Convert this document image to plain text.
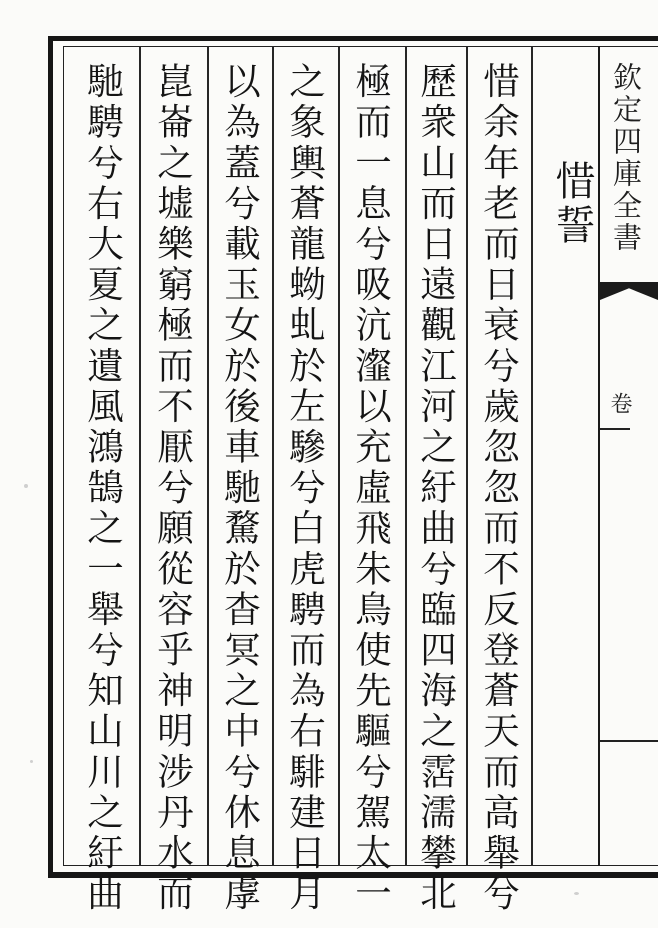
欽定四庫全書
卷
惜誓
惜余年老而日衰兮歲忽忽而不反登蒼天而高舉兮
歷衆山而日遠觀江河之紆曲兮臨四海之霑濡攀北
極而一息兮吸沆瀣以充虛飛朱鳥使先驅兮駕太一
之象輿蒼龍蚴虬於左驂兮白虎騁而為右騑建日月
以為蓋兮載玉女於後車馳騖於杳冥之中兮休息虖
崑崙之墟樂窮極而不厭兮願從容乎神明涉丹水而
馳騁兮右大夏之遺風鴻鵠之一舉兮知山川之紆曲
